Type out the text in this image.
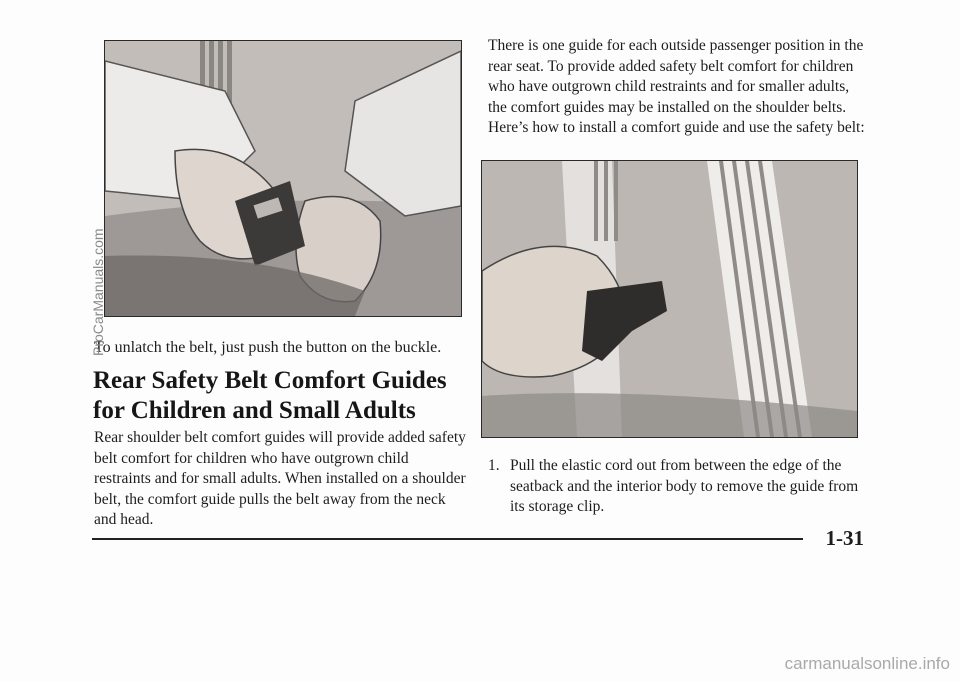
To unlatch the belt, just push the button on the buckle.

Rear Safety Belt Comfort Guides for Children and Small Adults

Rear shoulder belt comfort guides will provide added safety belt comfort for children who have outgrown child restraints and for small adults. When installed on a shoulder belt, the comfort guide pulls the belt away from the neck and head.

There is one guide for each outside passenger position in the rear seat. To provide added safety belt comfort for children who have outgrown child restraints and for smaller adults, the comfort guides may be installed on the shoulder belts. Here’s how to install a comfort guide and use the safety belt:

1. Pull the elastic cord out from between the edge of the seatback and the interior body to remove the guide from its storage clip.
1-31
ProCarManuals.com
carmanualsonline.info
